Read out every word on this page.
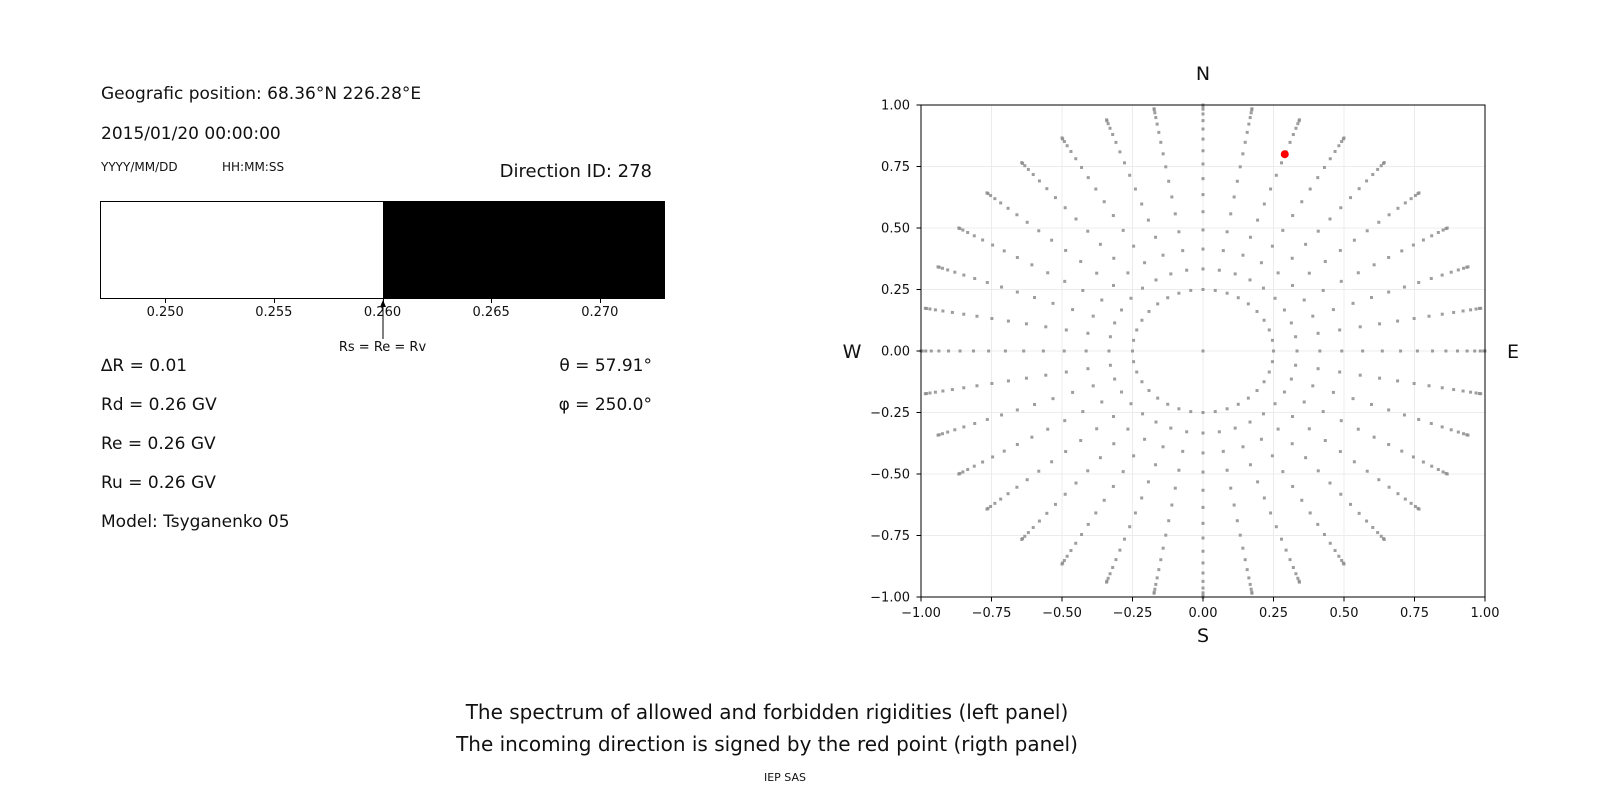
Geografic position: 68.36°N 226.28°E
2015/01/20 00:00:00
YYYY/MM/DD	HH:MM:SS	Direction ID: 278
Rs = Re = Rv
0.250	0.255	0.260	0.265	0.270
∆R = 0.01
Rd = 0.26 GV
Re = 0.26 GV
Ru = 0.26 GV
Model: Tsyganenko 05
θ = 57.91°
φ = 250.0°
−1.00 −0.75 −0.50 −0.25	0.00	0.25	0.50	0.75	1.00
−1.00
−0.75
−0.50
−0.25
0.00
0.25
0.50
0.75
1.00
N
S
W	E
The spectrum of allowed and forbidden rigidities (left panel)
The incoming direction is signed by the red point (rigth panel)
IEP SAS
